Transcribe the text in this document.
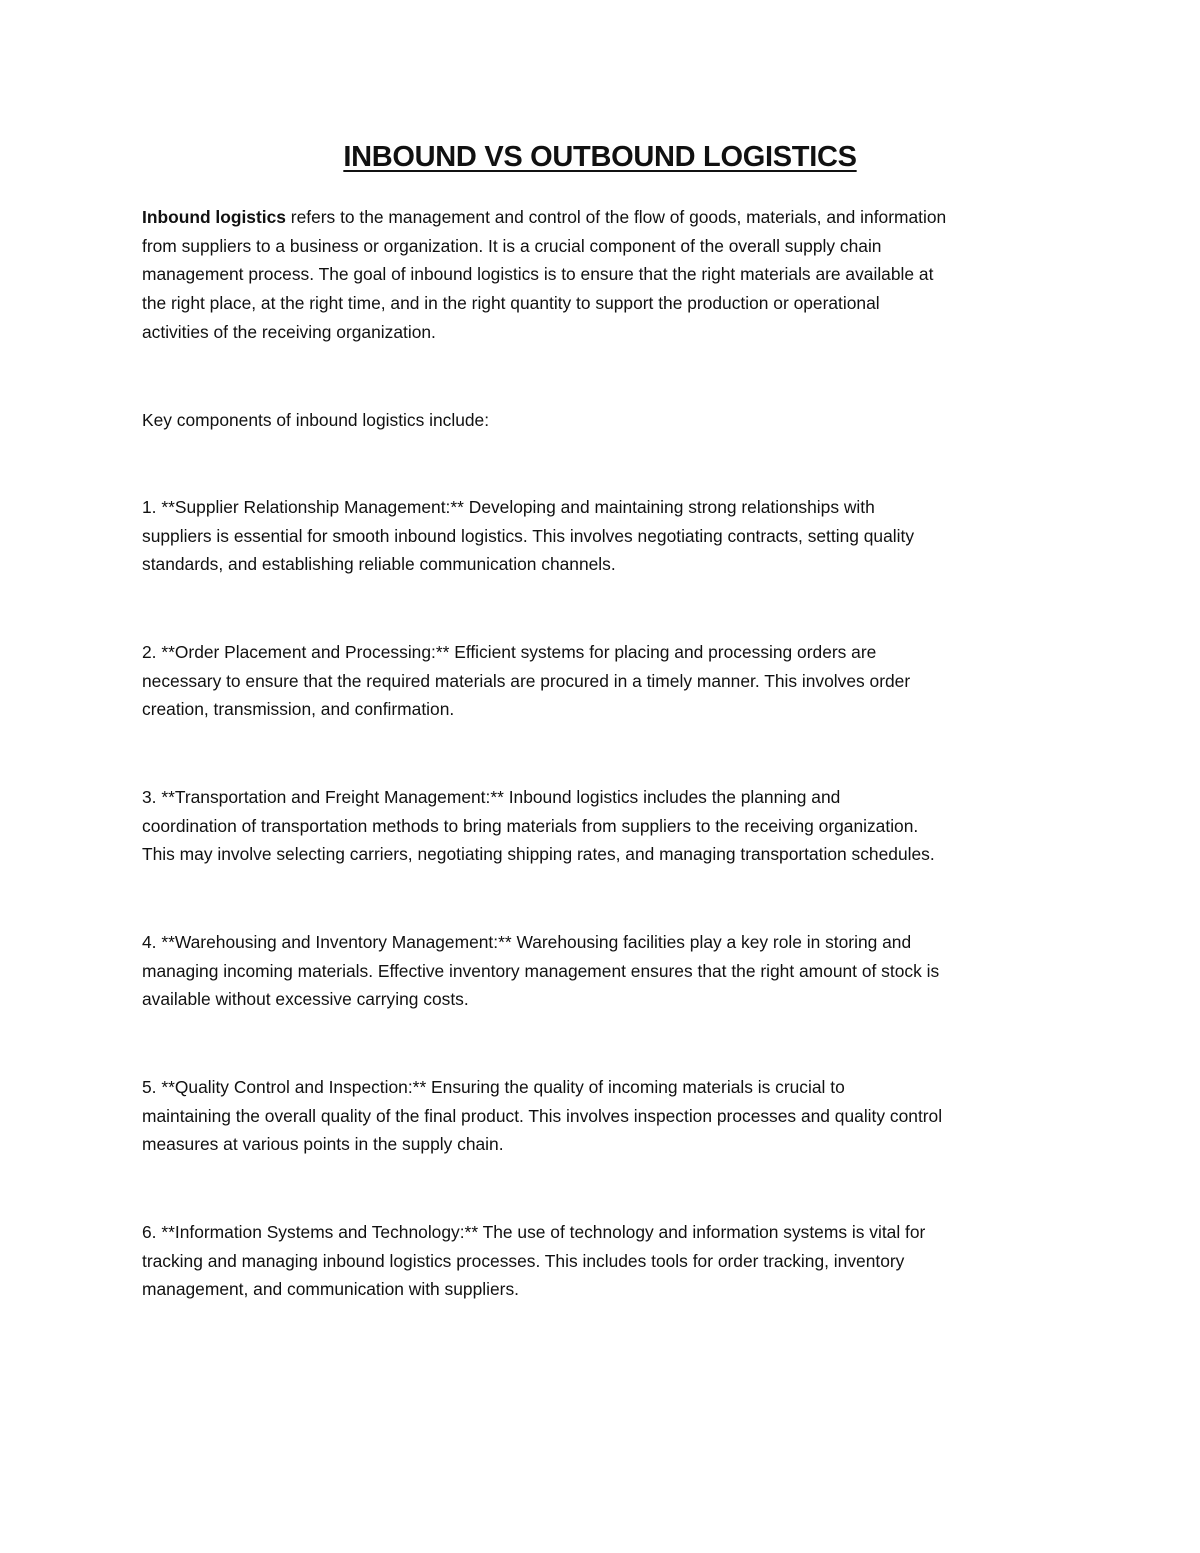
INBOUND VS OUTBOUND LOGISTICS

Inbound logistics refers to the management and control of the flow of goods, materials, and information
from suppliers to a business or organization. It is a crucial component of the overall supply chain
management process. The goal of inbound logistics is to ensure that the right materials are available at
the right place, at the right time, and in the right quantity to support the production or operational
activities of the receiving organization.

Key components of inbound logistics include:

1. **Supplier Relationship Management:** Developing and maintaining strong relationships with
suppliers is essential for smooth inbound logistics. This involves negotiating contracts, setting quality
standards, and establishing reliable communication channels.

2. **Order Placement and Processing:** Efficient systems for placing and processing orders are
necessary to ensure that the required materials are procured in a timely manner. This involves order
creation, transmission, and confirmation.

3. **Transportation and Freight Management:** Inbound logistics includes the planning and
coordination of transportation methods to bring materials from suppliers to the receiving organization.
This may involve selecting carriers, negotiating shipping rates, and managing transportation schedules.

4. **Warehousing and Inventory Management:** Warehousing facilities play a key role in storing and
managing incoming materials. Effective inventory management ensures that the right amount of stock is
available without excessive carrying costs.

5. **Quality Control and Inspection:** Ensuring the quality of incoming materials is crucial to
maintaining the overall quality of the final product. This involves inspection processes and quality control
measures at various points in the supply chain.

6. **Information Systems and Technology:** The use of technology and information systems is vital for
tracking and managing inbound logistics processes. This includes tools for order tracking, inventory
management, and communication with suppliers.
